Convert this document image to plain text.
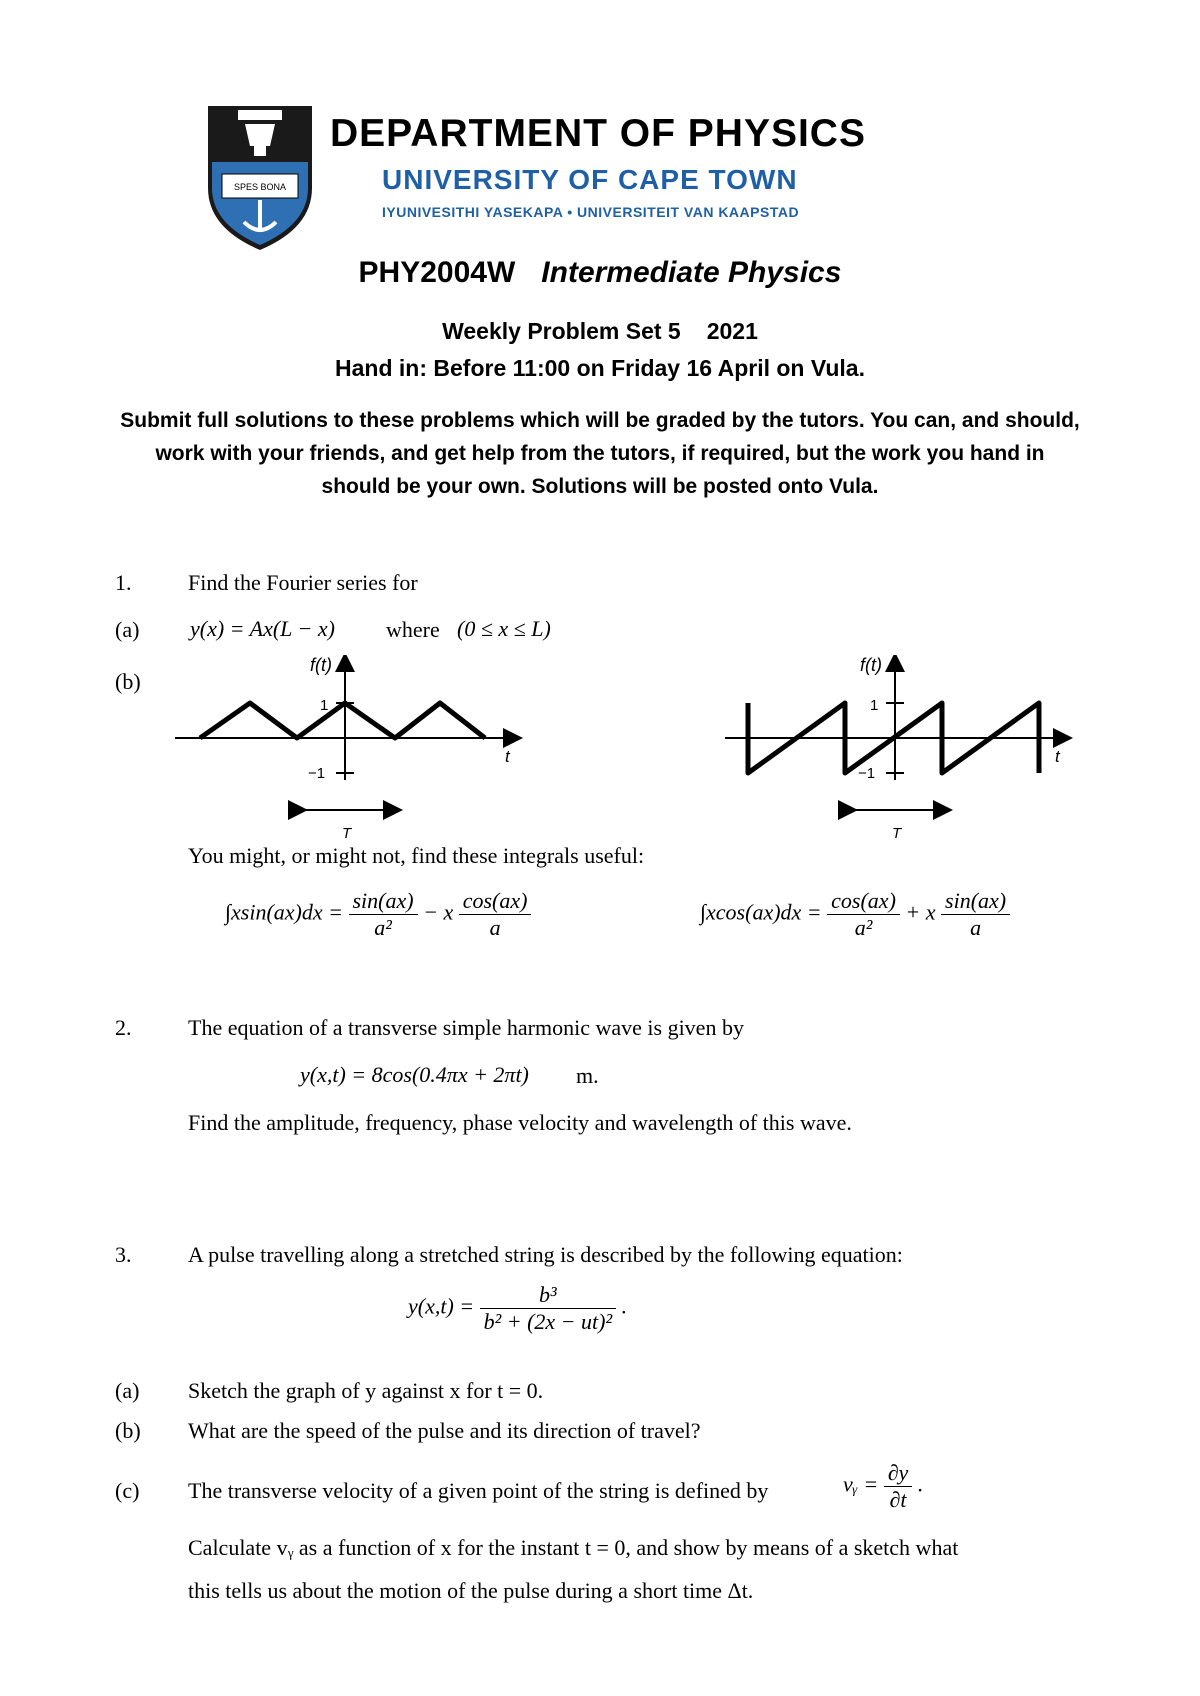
SPES BONA
DEPARTMENT OF PHYSICS
UNIVERSITY OF CAPE TOWN
IYUNIVESITHI YASEKAPA • UNIVERSITEIT VAN KAAPSTAD
PHY2004W Intermediate Physics
Weekly Problem Set 5 2021
Hand in: Before 11:00 on Friday 16 April on Vula.
Submit full solutions to these problems which will be graded by the tutors. You can, and should,
work with your friends, and get help from the tutors, if required, but the work you hand in
should be your own. Solutions will be posted onto Vula.
1.	Find the Fourier series for
(a) y(x) = Ax(L − x) where (0 ≤ x ≤ L)
(b)
f(t)
1
−1
t
T
f(t)
1
−1
t
T
You might, or might not, find these integrals useful:
$\int xsin(ax)dx = \frac{\sin(ax)}{\text{a²}} - x \frac{\cos(ax)}{a}$	$\int xcos(ax)dx = \frac{\cos(ax)}{\text{a²}} + x \frac{\sin(ax)}{a}$
2.	The equation of a transverse simple harmonic wave is given by
y(x,t) = 8cos(0.4πx + 2πt) m.
Find the amplitude, frequency, phase velocity and wavelength of this wave.
3.	A pulse travelling along a stretched string is described by the following equation:
$y(x,t) = \frac{\text{b³}}{\text{b² + (2x − ut)²}}$ .
(a) Sketch the graph of y against x for t = 0.
(b) What are the speed of the pulse and its direction of travel?
(c) The transverse velocity of a given point of the string is defined by	vᵧ = $\frac{\partial y}{\partial t}$ .
Calculate vᵧ as a function of x for the instant t = 0, and show by means of a sketch what
this tells us about the motion of the pulse during a short time Δt.
